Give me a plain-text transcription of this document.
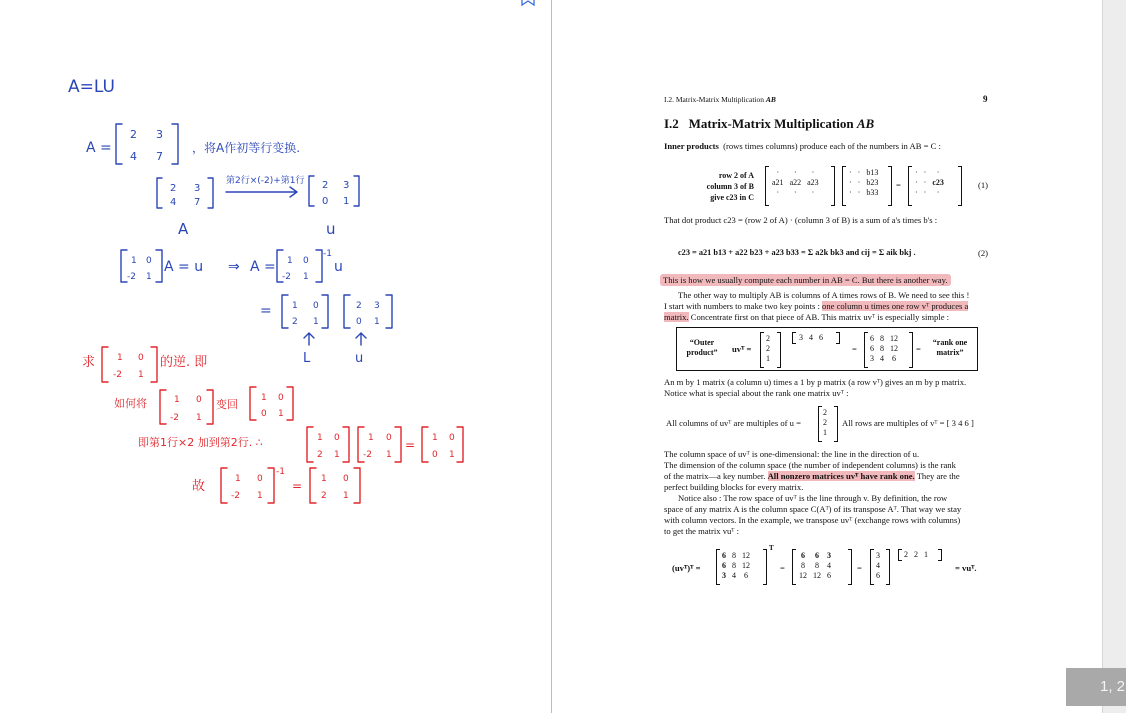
A=LU
A =
2 3
4 7
，将A作初等行变换.
2 3
4 7
第2行×(-2)+第1行 2 3
0 1
A	u
1 0
-2 1
A = u ⇒ A = 1 0
-2 1
-1
u
= 1 0
2 1
2 3
0 1
L	u
求 1 0
-2 1
的逆. 即
如何将	1 0
-2 1
变回	1 0
0 1
即第1行×2 加到第2行. ∴	1 0
2 1
1 0
-2 1
= 1 0
0 1
故	1 0
-2 1
-1
= 1 0
2 1
I.2. Matrix-Matrix Multiplication AB	9
I.2 Matrix-Matrix Multiplication AB
Inner products (rows times columns) produce each of the numbers in AB = C :
row 2 of A
column 3 of B
give c23 in C
·	·	·
a21	a22	a23
·	·	·
·	·	b13
·	·	b23
·	·	b33
=
·	·	·
·	·	c23
·	·	·
(1)
That dot product c23 = (row 2 of A) · (column 3 of B) is a sum of a's times b's :
c23 = a21 b13 + a22 b23 + a23 b33 = Σ a2k bk3 and cij = Σ aik bkj .	(2)
This is how we usually compute each number in AB = C. But there is another way.
The other way to multiply AB is columns of A times rows of B. We need to see this !
I start with numbers to make two key points : one column u times one row vᵀ produces a
matrix. Concentrate first on that piece of AB. This matrix uvᵀ is especially simple :
“Outer product”	uvᵀ =
2
2
1
3	4	6
=
6	8	12
6	8	12
3	4	6
=
“rank one matrix”
An m by 1 matrix (a column u) times a 1 by p matrix (a row vᵀ) gives an m by p matrix.
Notice what is special about the rank one matrix uvᵀ :
All columns of uvᵀ are multiples of u =
2
2
1
All rows are multiples of vᵀ = [ 3 4 6 ]
The column space of uvᵀ is one-dimensional: the line in the direction of u.
The dimension of the column space (the number of independent columns) is the rank
of the matrix—a key number. All nonzero matrices uvᵀ have rank one. They are the
perfect building blocks for every matrix.
Notice also : The row space of uvᵀ is the line through v. By definition, the row
space of any matrix A is the column space C(Aᵀ) of its transpose Aᵀ. That way we stay
with column vectors. In the example, we transpose uvᵀ (exchange rows with columns)
to get the matrix vuᵀ :
(uvᵀ)ᵀ =
6	8	12
6	8	12
3	4	6
T
=
6	6	3
8	8	4
12	12	6
=
3
4
6
2	2	1
= vuᵀ.
1, 2
